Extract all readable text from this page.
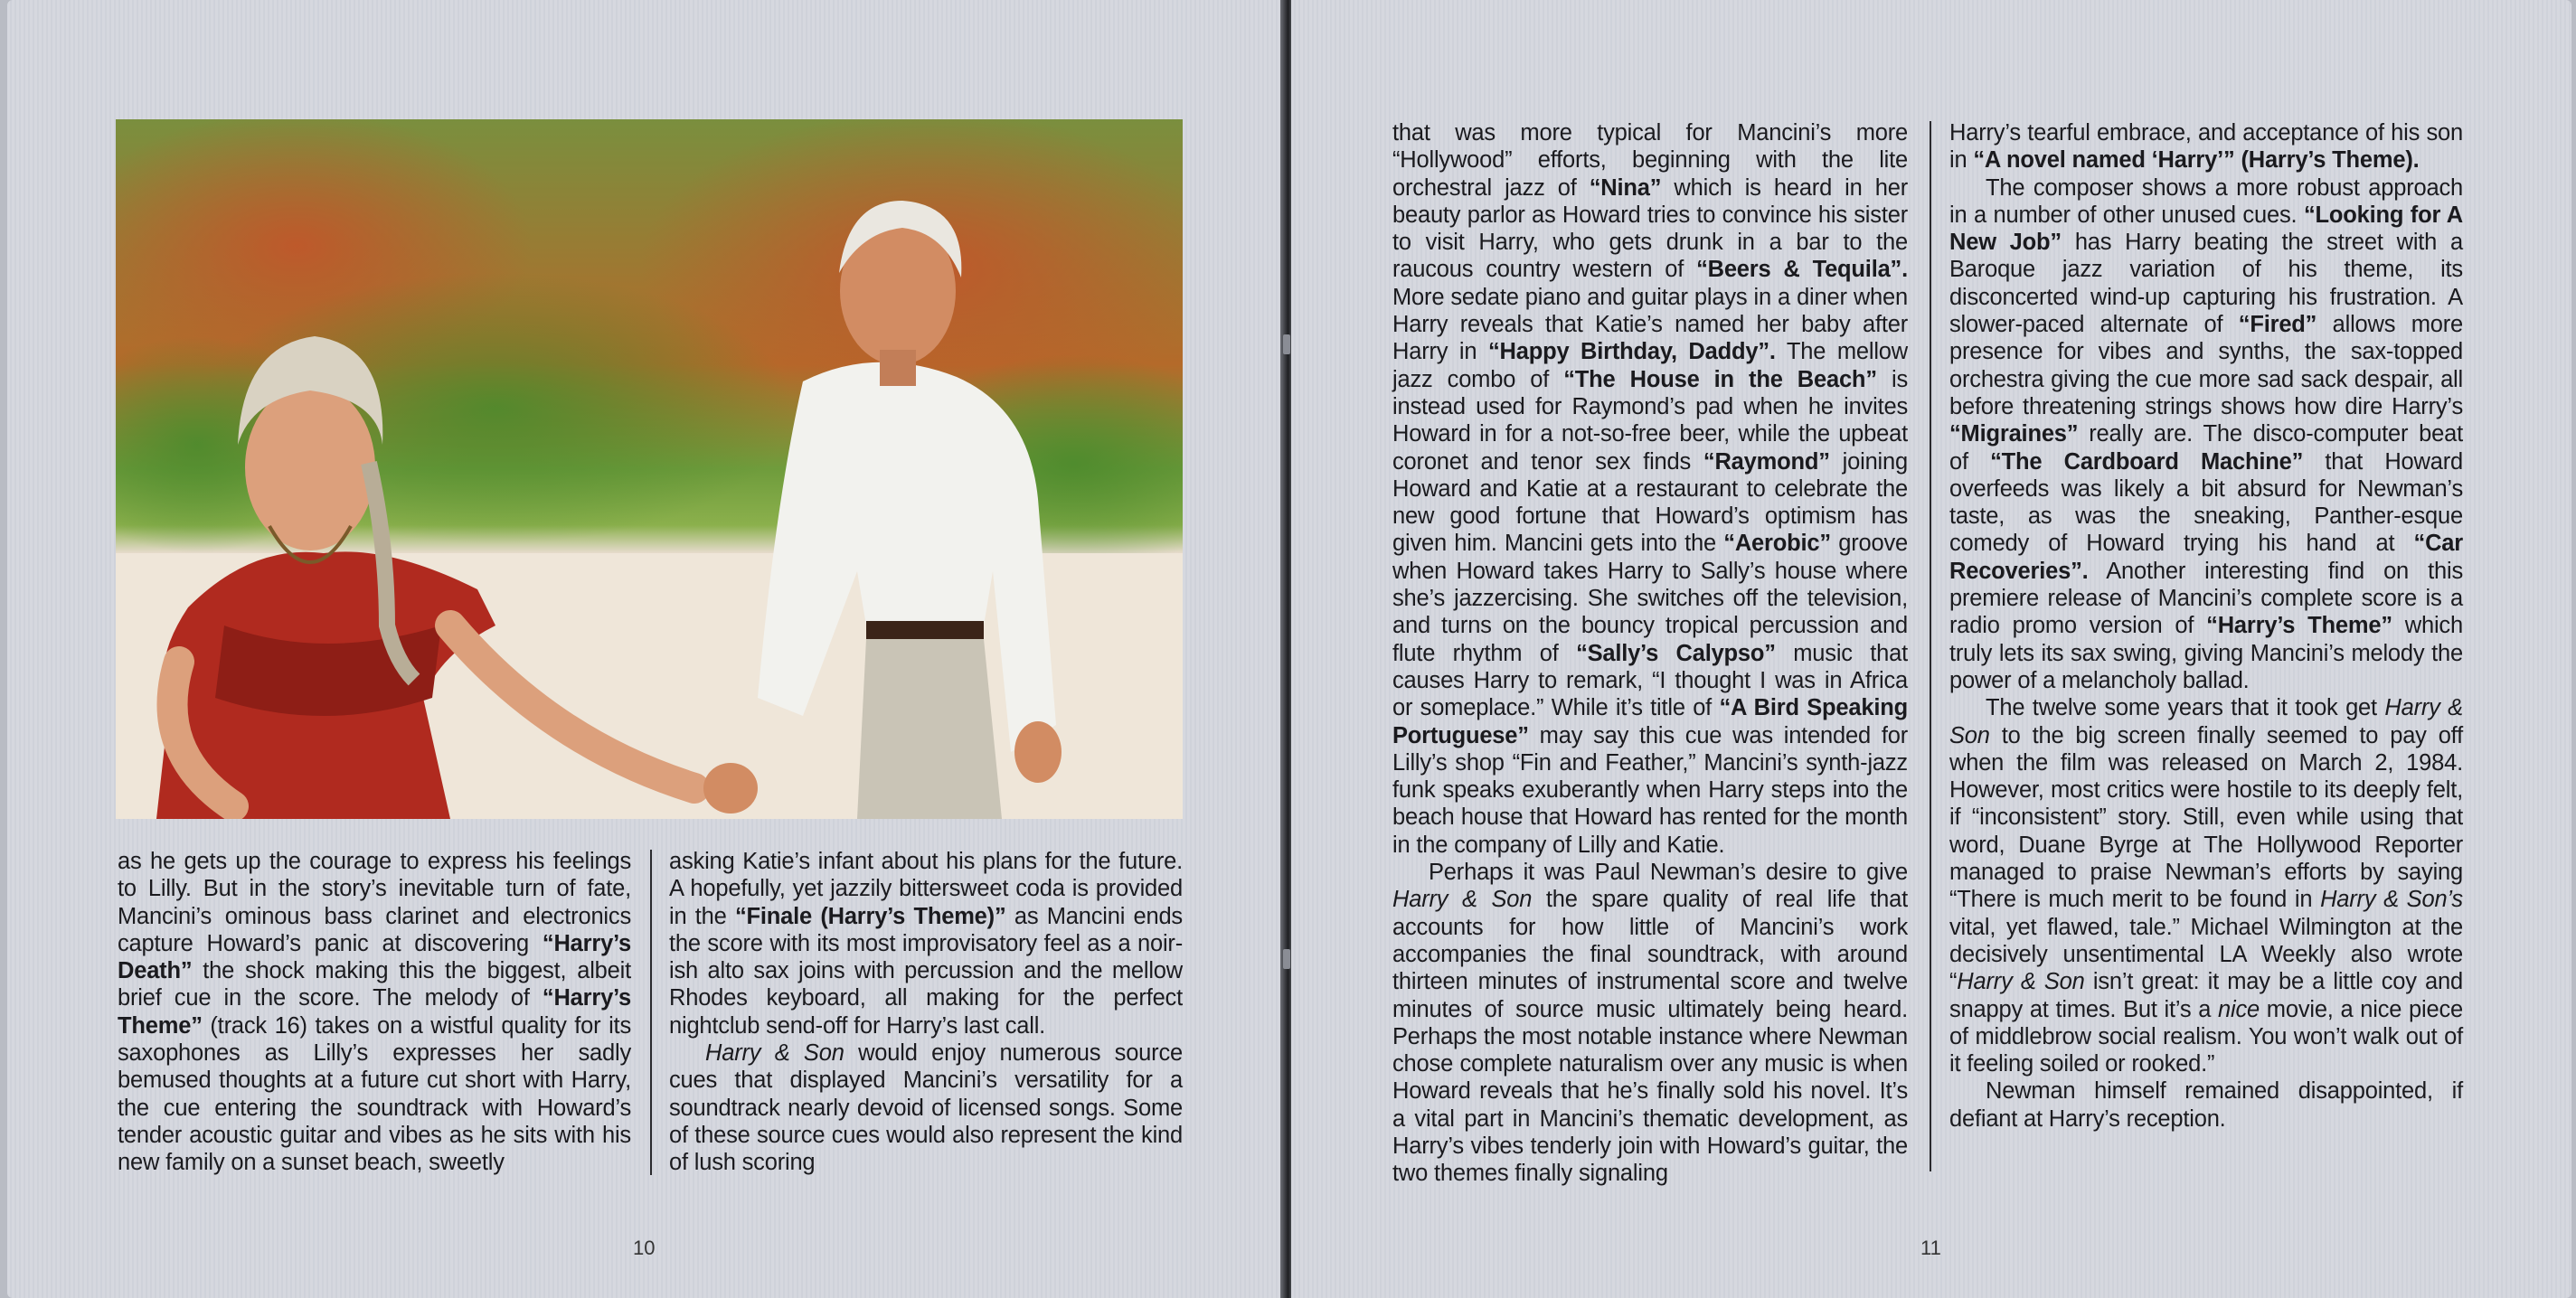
as he gets up the courage to express his feelings to Lilly. But in the story’s inevitable turn of fate, Mancini’s ominous bass clarinet and electronics capture Howard’s panic at discovering “Harry’s Death” the shock making this the biggest, albeit brief cue in the score. The melody of “Harry’s Theme” (track 16) takes on a wistful quality for its saxophones as Lilly’s expresses her sadly bemused thoughts at a future cut short with Harry, the cue entering the soundtrack with Howard’s tender acoustic guitar and vibes as he sits with his new family on a sunset beach, sweetly

asking Katie’s infant about his plans for the future. A hopefully, yet jazzily bittersweet coda is provided in the “Finale (Harry’s Theme)” as Mancini ends the score with its most improvisatory feel as a noir-ish alto sax joins with percussion and the mellow Rhodes keyboard, all making for the perfect nightclub send-off for Harry’s last call.

Harry & Son would enjoy numerous source cues that displayed Mancini’s versatility for a soundtrack nearly devoid of licensed songs. Some of these source cues would also represent the kind of lush scoring

10

that was more typical for Mancini’s more “Hollywood” efforts, beginning with the lite orchestral jazz of “Nina” which is heard in her beauty parlor as Howard tries to convince his sister to visit Harry, who gets drunk in a bar to the raucous country western of “Beers & Tequila”. More sedate piano and guitar plays in a diner when Harry reveals that Katie’s named her baby after Harry in “Happy Birthday, Daddy”. The mellow jazz combo of “The House in the Beach” is instead used for Raymond’s pad when he invites Howard in for a not-so-free beer, while the upbeat coronet and tenor sex finds “Raymond” joining Howard and Katie at a restaurant to celebrate the new good fortune that Howard’s optimism has given him. Mancini gets into the “Aerobic” groove when Howard takes Harry to Sally’s house where she’s jazzercising. She switches off the television, and turns on the bouncy tropical percussion and flute rhythm of “Sally’s Calypso” music that causes Harry to remark, “I thought I was in Africa or someplace.” While it’s title of “A Bird Speaking Portuguese” may say this cue was intended for Lilly’s shop “Fin and Feather,” Mancini’s synth-jazz funk speaks exuberantly when Harry steps into the beach house that Howard has rented for the month in the company of Lilly and Katie.

Perhaps it was Paul Newman’s desire to give Harry & Son the spare quality of real life that accounts for how little of Mancini’s work accompanies the final soundtrack, with around thirteen minutes of instrumental score and twelve minutes of source music ultimately being heard. Perhaps the most notable instance where Newman chose complete naturalism over any music is when Howard reveals that he’s finally sold his novel. It’s a vital part in Mancini’s thematic development, as Harry’s vibes tenderly join with Howard’s guitar, the two themes finally signaling

Harry’s tearful embrace, and acceptance of his son in “A novel named ‘Harry’” (Harry’s Theme).

The composer shows a more robust approach in a number of other unused cues. “Looking for A New Job” has Harry beating the street with a Baroque jazz variation of his theme, its disconcerted wind-up capturing his frustration. A slower-paced alternate of “Fired” allows more presence for vibes and synths, the sax-topped orchestra giving the cue more sad sack despair, all before threatening strings shows how dire Harry’s “Migraines” really are. The disco-computer beat of “The Cardboard Machine” that Howard overfeeds was likely a bit absurd for Newman’s taste, as was the sneaking, Panther-esque comedy of Howard trying his hand at “Car Recoveries”. Another interesting find on this premiere release of Mancini’s complete score is a radio promo version of “Harry’s Theme” which truly lets its sax swing, giving Mancini’s melody the power of a melancholy ballad.

The twelve some years that it took get Harry & Son to the big screen finally seemed to pay off when the film was released on March 2, 1984. However, most critics were hostile to its deeply felt, if “inconsistent” story. Still, even while using that word, Duane Byrge at The Hollywood Reporter managed to praise Newman’s efforts by saying “There is much merit to be found in Harry & Son’s vital, yet flawed, tale.” Michael Wilmington at the decisively unsentimental LA Weekly also wrote “Harry & Son isn’t great: it may be a little coy and snappy at times. But it’s a nice movie, a nice piece of middlebrow social realism. You won’t walk out of it feeling soiled or rooked.”

Newman himself remained disappointed, if defiant at Harry’s reception.

11
